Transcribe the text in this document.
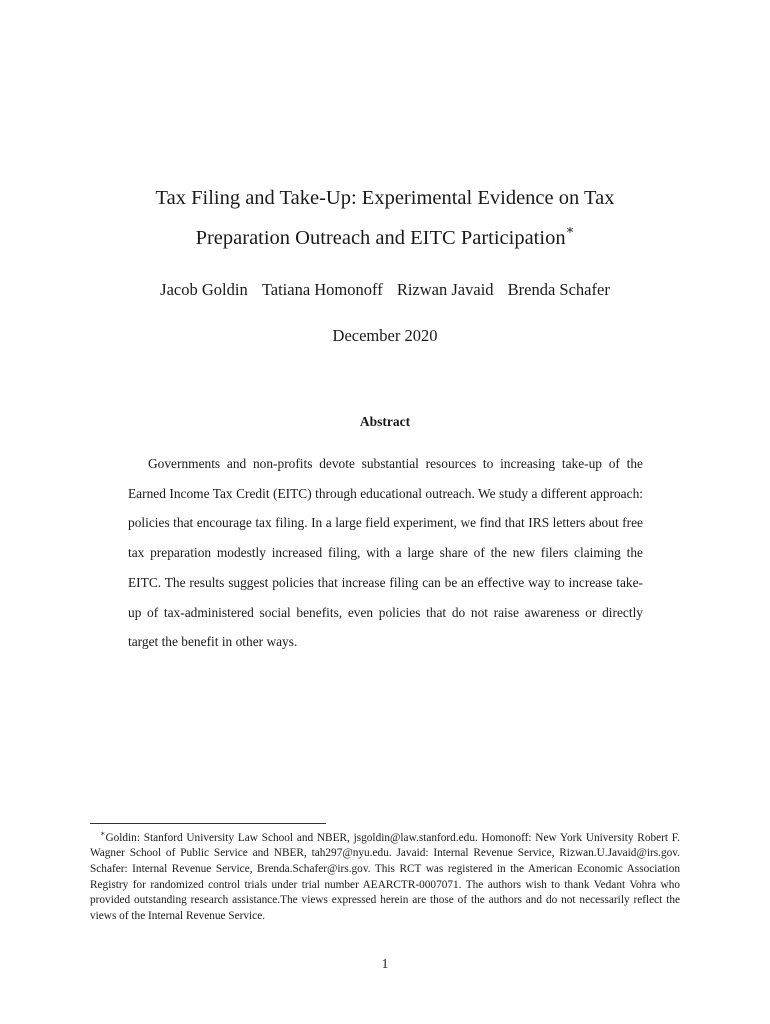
Tax Filing and Take-Up: Experimental Evidence on Tax
Preparation Outreach and EITC Participation∗
Jacob Goldin Tatiana Homonoff Rizwan Javaid Brenda Schafer
December 2020
Abstract
Governments and non-profits devote substantial resources to increasing take-up of the Earned Income Tax Credit (EITC) through educational outreach. We study a different approach: policies that encourage tax filing. In a large field experiment, we find that IRS letters about free tax preparation modestly increased filing, with a large share of the new filers claiming the EITC. The results suggest policies that increase filing can be an effective way to increase take-up of tax-administered social benefits, even policies that do not raise awareness or directly target the benefit in other ways.
∗Goldin: Stanford University Law School and NBER, jsgoldin@law.stanford.edu. Homonoff: New York University Robert F. Wagner School of Public Service and NBER, tah297@nyu.edu. Javaid: Internal Revenue Service, Rizwan.U.Javaid@irs.gov. Schafer: Internal Revenue Service, Brenda.Schafer@irs.gov. This RCT was registered in the American Economic Association Registry for randomized control trials under trial number AEARCTR-0007071. The authors wish to thank Vedant Vohra who provided outstanding research assistance.The views expressed herein are those of the authors and do not necessarily reflect the views of the Internal Revenue Service.
1
